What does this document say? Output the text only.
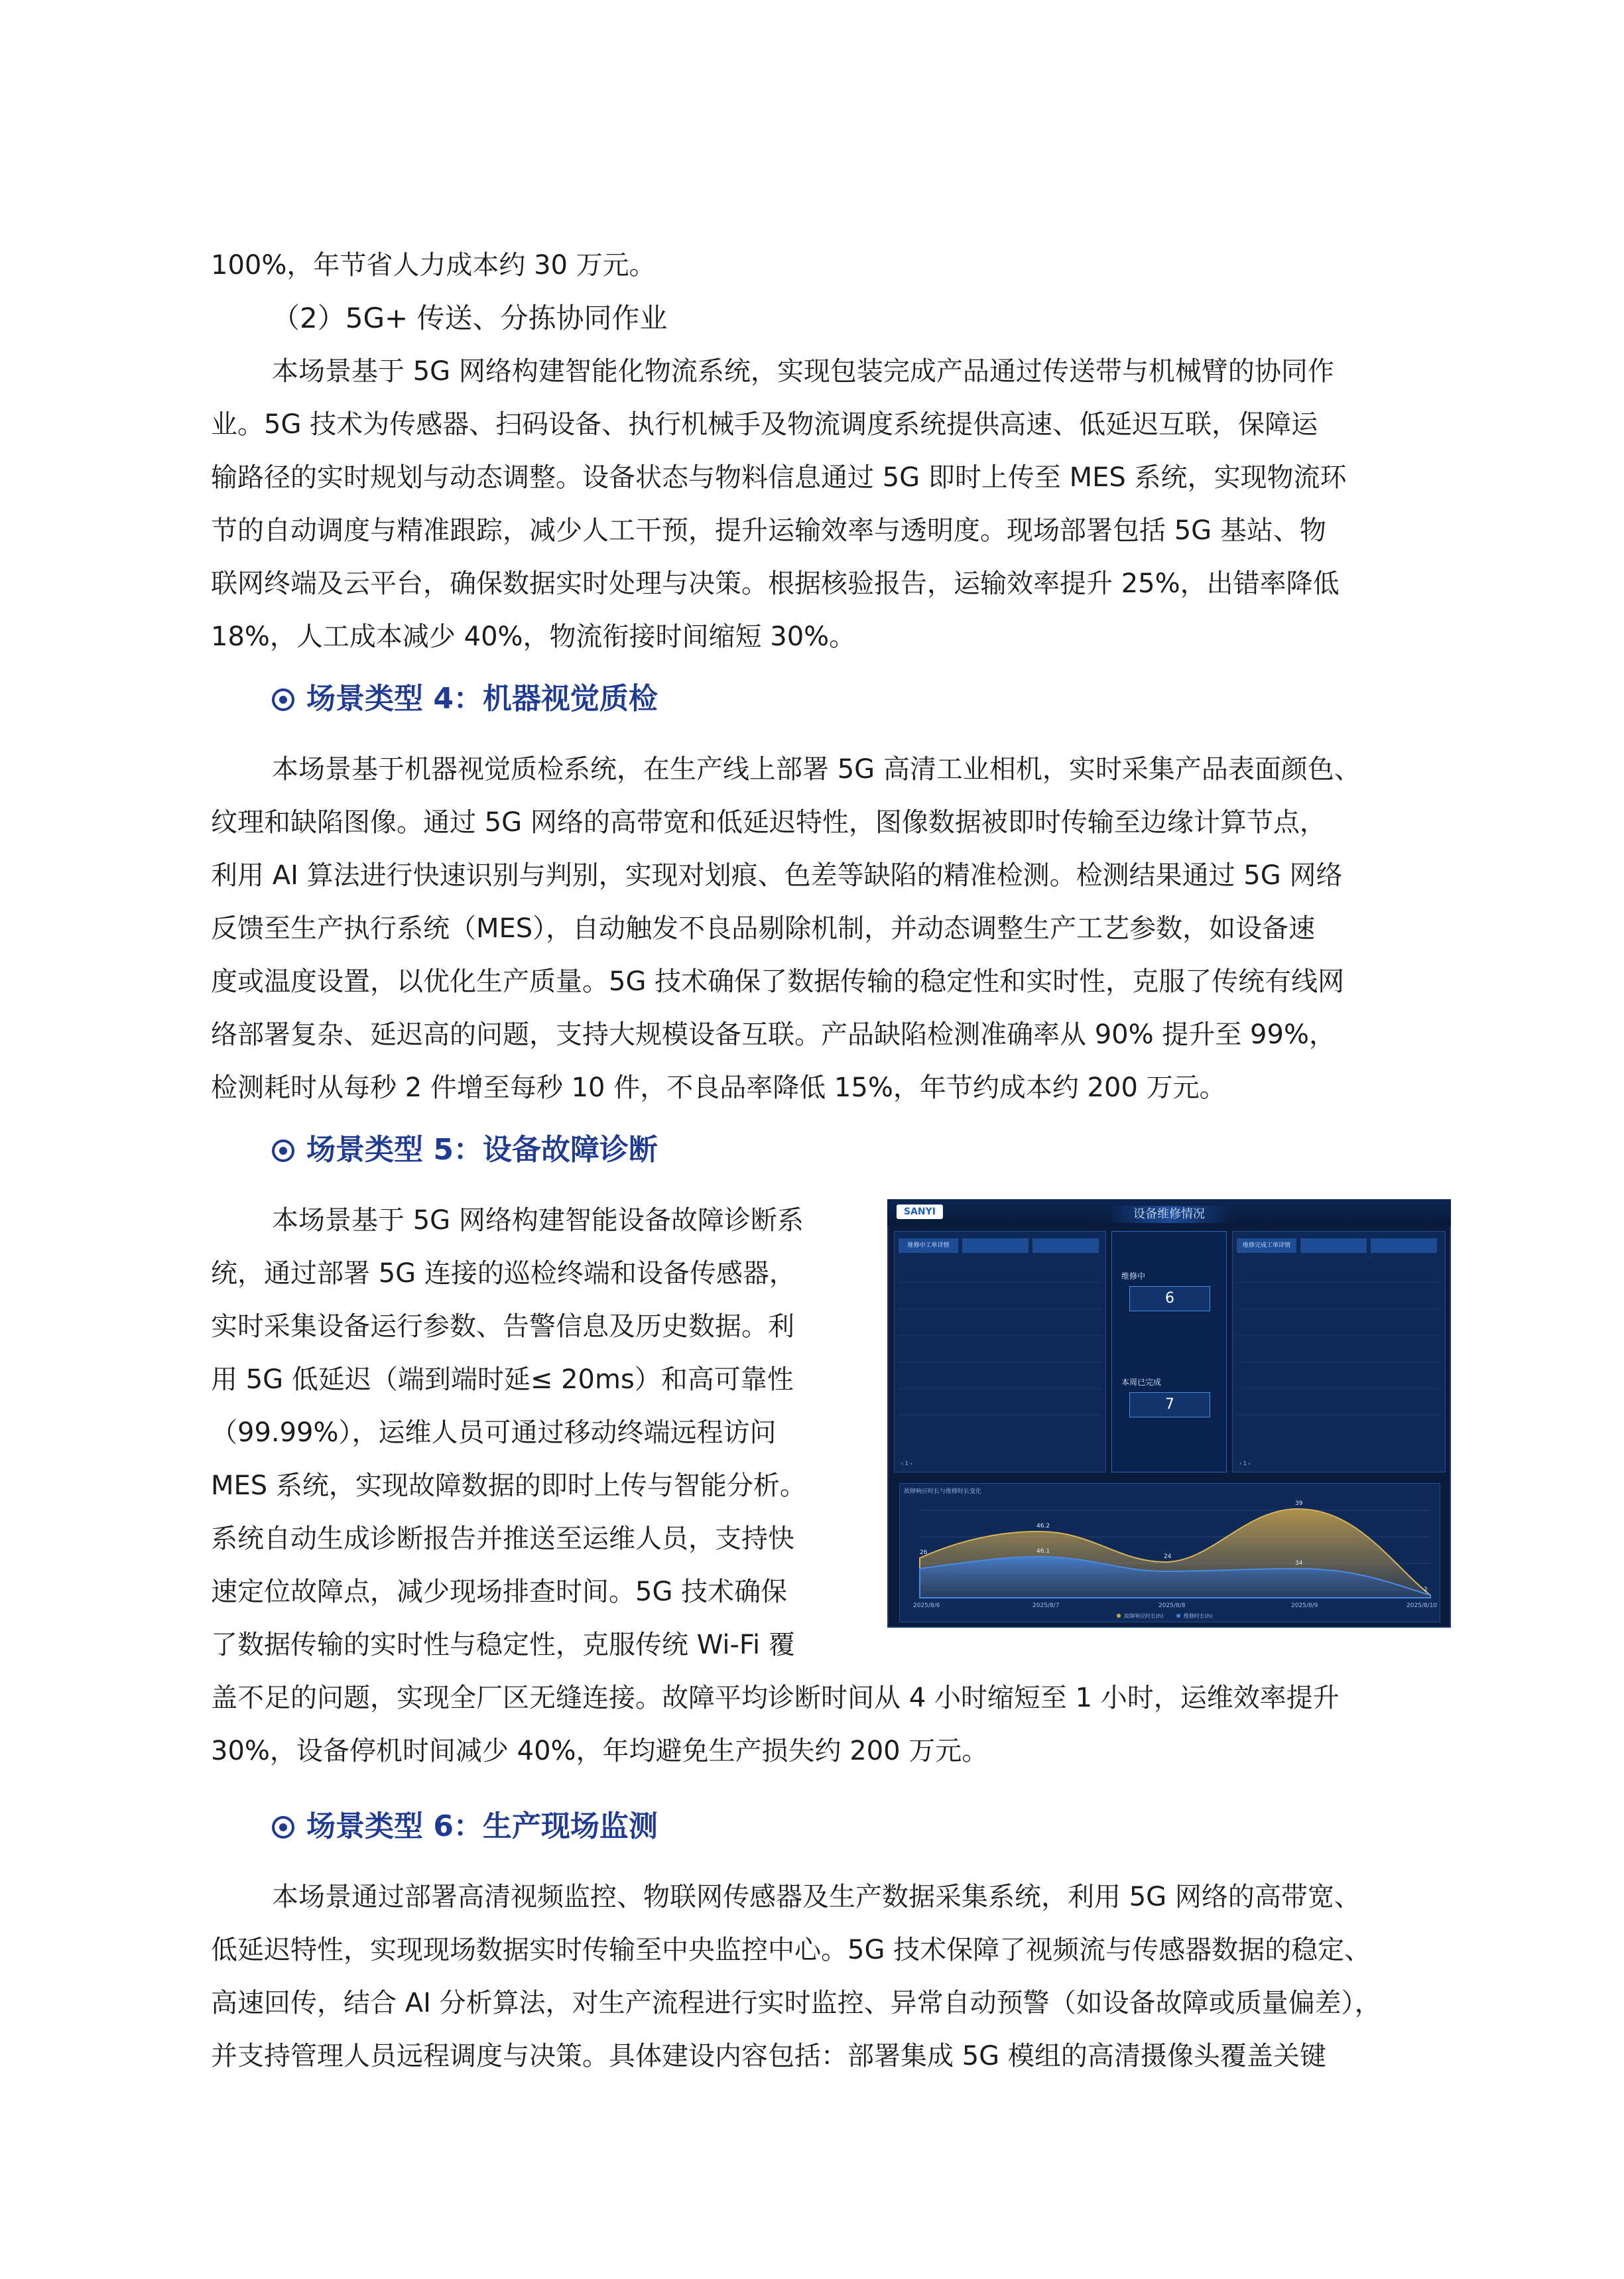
100%，年节省人力成本约 30 万元。
（2）5G+ 传送、分拣协同作业
本场景基于 5G 网络构建智能化物流系统，实现包装完成产品通过传送带与机械臂的协同作
业。5G 技术为传感器、扫码设备、执行机械手及物流调度系统提供高速、低延迟互联，保障运
输路径的实时规划与动态调整。设备状态与物料信息通过 5G 即时上传至 MES 系统，实现物流环
节的自动调度与精准跟踪，减少人工干预，提升运输效率与透明度。现场部署包括 5G 基站、物
联网终端及云平台，确保数据实时处理与决策。根据核验报告，运输效率提升 25%，出错率降低
18%，人工成本减少 40%，物流衔接时间缩短 30%。
场景类型 4：机器视觉质检
本场景基于机器视觉质检系统，在生产线上部署 5G 高清工业相机，实时采集产品表面颜色、
纹理和缺陷图像。通过 5G 网络的高带宽和低延迟特性，图像数据被即时传输至边缘计算节点，
利用 AI 算法进行快速识别与判别，实现对划痕、色差等缺陷的精准检测。检测结果通过 5G 网络
反馈至生产执行系统（MES），自动触发不良品剔除机制，并动态调整生产工艺参数，如设备速
度或温度设置，以优化生产质量。5G 技术确保了数据传输的稳定性和实时性，克服了传统有线网
络部署复杂、延迟高的问题，支持大规模设备互联。产品缺陷检测准确率从 90% 提升至 99%，
检测耗时从每秒 2 件增至每秒 10 件，不良品率降低 15%，年节约成本约 200 万元。
场景类型 5：设备故障诊断
本场景基于 5G 网络构建智能设备故障诊断系
统，通过部署 5G 连接的巡检终端和设备传感器，
实时采集设备运行参数、告警信息及历史数据。利
用 5G 低延迟（端到端时延≤ 20ms）和高可靠性
（99.99%），运维人员可通过移动终端远程访问
MES 系统，实现故障数据的即时上传与智能分析。
系统自动生成诊断报告并推送至运维人员，支持快
速定位故障点，减少现场排查时间。5G 技术确保
了数据传输的实时性与稳定性，克服传统 Wi-Fi 覆
盖不足的问题，实现全厂区无缝连接。故障平均诊断时间从 4 小时缩短至 1 小时，运维效率提升
30%，设备停机时间减少 40%，年均避免生产损失约 200 万元。
场景类型 6：生产现场监测
本场景通过部署高清视频监控、物联网传感器及生产数据采集系统，利用 5G 网络的高带宽、
低延迟特性，实现现场数据实时传输至中央监控中心。5G 技术保障了视频流与传感器数据的稳定、
高速回传，结合 AI 分析算法，对生产流程进行实时监控、异常自动预警（如设备故障或质量偏差），
并支持管理人员远程调度与决策。具体建设内容包括：部署集成 5G 模组的高清摄像头覆盖关键
SANYI	设备维修情况
维修中工单详情
‹ 1 ›
维修中
6
本周已完成
7
维修完成工单详情
‹ 1 ›
故障响应时长与维修时长变化
26
46.2
24
39
2
46.1
34
2025/8/6	2025/8/7	2025/8/8	2025/8/9	2025/8/10
故障响应时长(h)	维修时长(h)
